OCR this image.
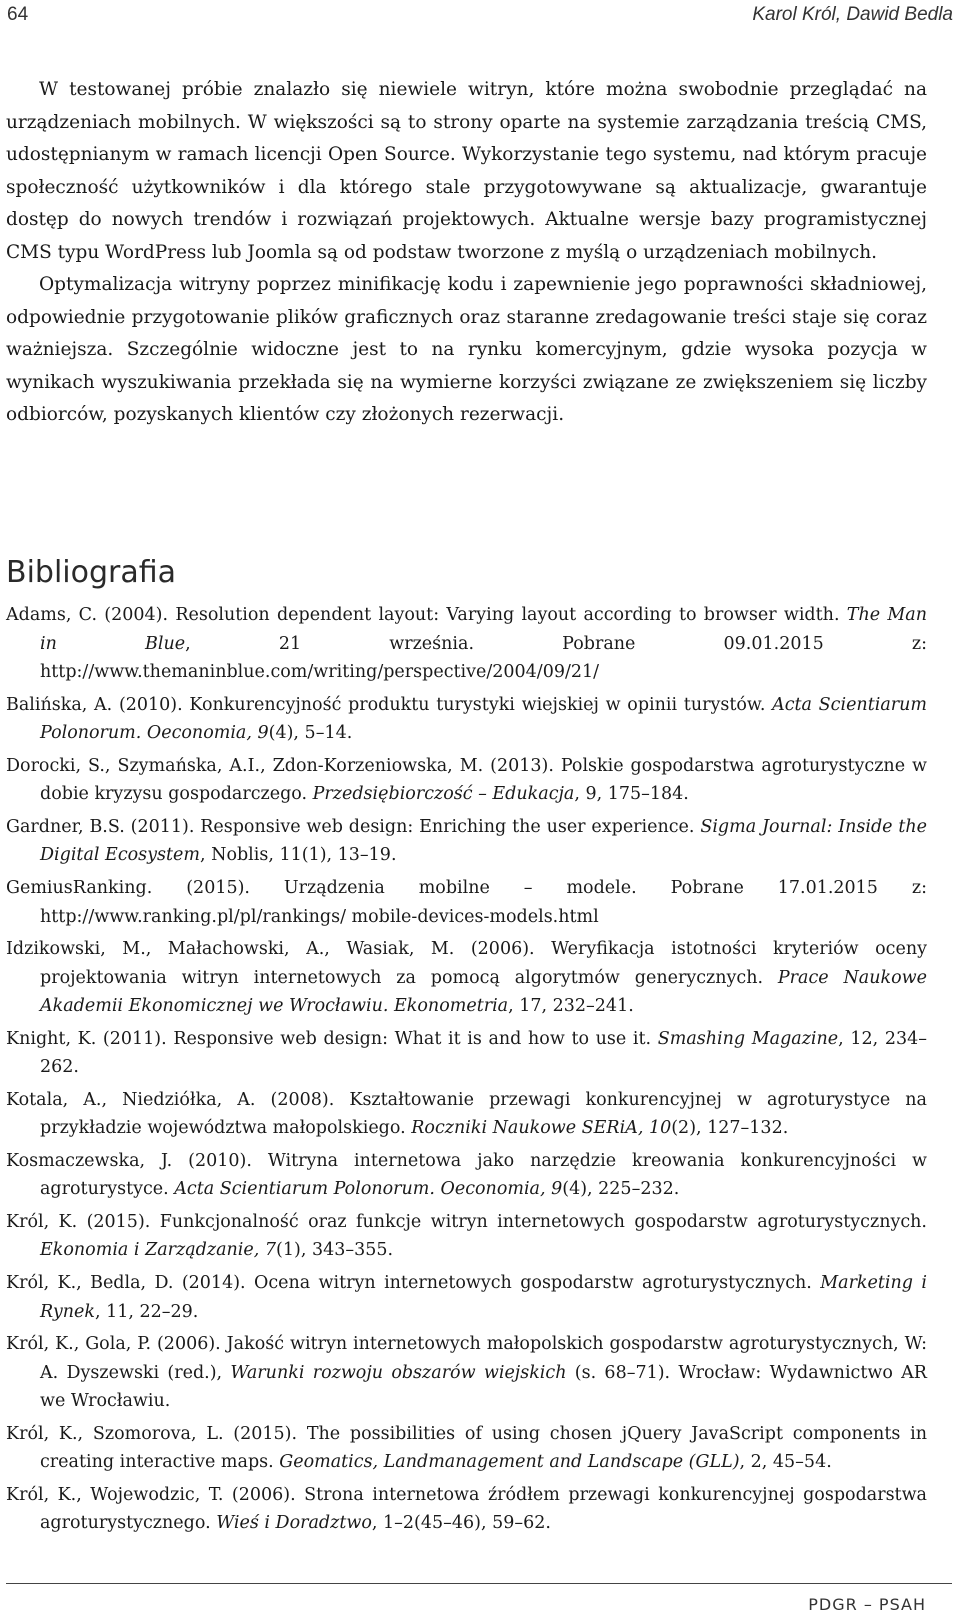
64	Karol Król, Dawid Bedla

W testowanej próbie znalazło się niewiele witryn, które można swobodnie przeglądać na urządzeniach mobilnych. W większości są to strony oparte na systemie zarządzania treścią CMS, udostępnianym w ramach licencji Open Source. Wykorzystanie tego systemu, nad którym pracuje społeczność użytkowników i dla którego stale przygotowywane są aktualizacje, gwarantuje dostęp do nowych trendów i rozwiązań projektowych. Aktualne wersje bazy programistycznej CMS typu WordPress lub Joomla są od podstaw tworzone z myślą o urządzeniach mobilnych.

Optymalizacja witryny poprzez minifikację kodu i zapewnienie jego poprawności składniowej, odpowiednie przygotowanie plików graficznych oraz staranne zredagowanie treści staje się coraz ważniejsza. Szczególnie widoczne jest to na rynku komercyjnym, gdzie wysoka pozycja w wynikach wyszukiwania przekłada się na wymierne korzyści związane ze zwiększeniem się liczby odbiorców, pozyskanych klientów czy złożonych rezerwacji.

Bibliografia
Adams, C. (2004). Resolution dependent layout: Varying layout according to browser width. The Man in Blue, 21 września. Pobrane 09.01.2015 z: http://www.themaninblue.com/writing/perspective/2004/09/21/
Balińska, A. (2010). Konkurencyjność produktu turystyki wiejskiej w opinii turystów. Acta Scientiarum Polonorum. Oeconomia, 9(4), 5–14.
Dorocki, S., Szymańska, A.I., Zdon-Korzeniowska, M. (2013). Polskie gospodarstwa agroturystyczne w dobie kryzysu gospodarczego. Przedsiębiorczość – Edukacja, 9, 175–184.
Gardner, B.S. (2011). Responsive web design: Enriching the user experience. Sigma Journal: Inside the Digital Ecosystem, Noblis, 11(1), 13–19.
GemiusRanking. (2015). Urządzenia mobilne – modele. Pobrane 17.01.2015 z: http://www.ranking.pl/pl/rankings/ mobile-devices-models.html
Idzikowski, M., Małachowski, A., Wasiak, M. (2006). Weryfikacja istotności kryteriów oceny projektowania witryn internetowych za pomocą algorytmów generycznych. Prace Naukowe Akademii Ekonomicznej we Wrocławiu. Ekonometria, 17, 232–241.
Knight, K. (2011). Responsive web design: What it is and how to use it. Smashing Magazine, 12, 234–262.
Kotala, A., Niedziółka, A. (2008). Kształtowanie przewagi konkurencyjnej w agroturystyce na przykładzie województwa małopolskiego. Roczniki Naukowe SERiA, 10(2), 127–132.
Kosmaczewska, J. (2010). Witryna internetowa jako narzędzie kreowania konkurencyjności w agroturystyce. Acta Scientiarum Polonorum. Oeconomia, 9(4), 225–232.
Król, K. (2015). Funkcjonalność oraz funkcje witryn internetowych gospodarstw agroturystycznych. Ekonomia i Zarządzanie, 7(1), 343–355.
Król, K., Bedla, D. (2014). Ocena witryn internetowych gospodarstw agroturystycznych. Marketing i Rynek, 11, 22–29.
Król, K., Gola, P. (2006). Jakość witryn internetowych małopolskich gospodarstw agroturystycznych, W: A. Dyszewski (red.), Warunki rozwoju obszarów wiejskich (s. 68–71). Wrocław: Wydawnictwo AR we Wrocławiu.
Król, K., Szomorova, L. (2015). The possibilities of using chosen jQuery JavaScript components in creating interactive maps. Geomatics, Landmanagement and Landscape (GLL), 2, 45–54.
Król, K., Wojewodzic, T. (2006). Strona internetowa źródłem przewagi konkurencyjnej gospodarstwa agroturystycznego. Wieś i Doradztwo, 1–2(45–46), 59–62.
PDGR – PSAH
